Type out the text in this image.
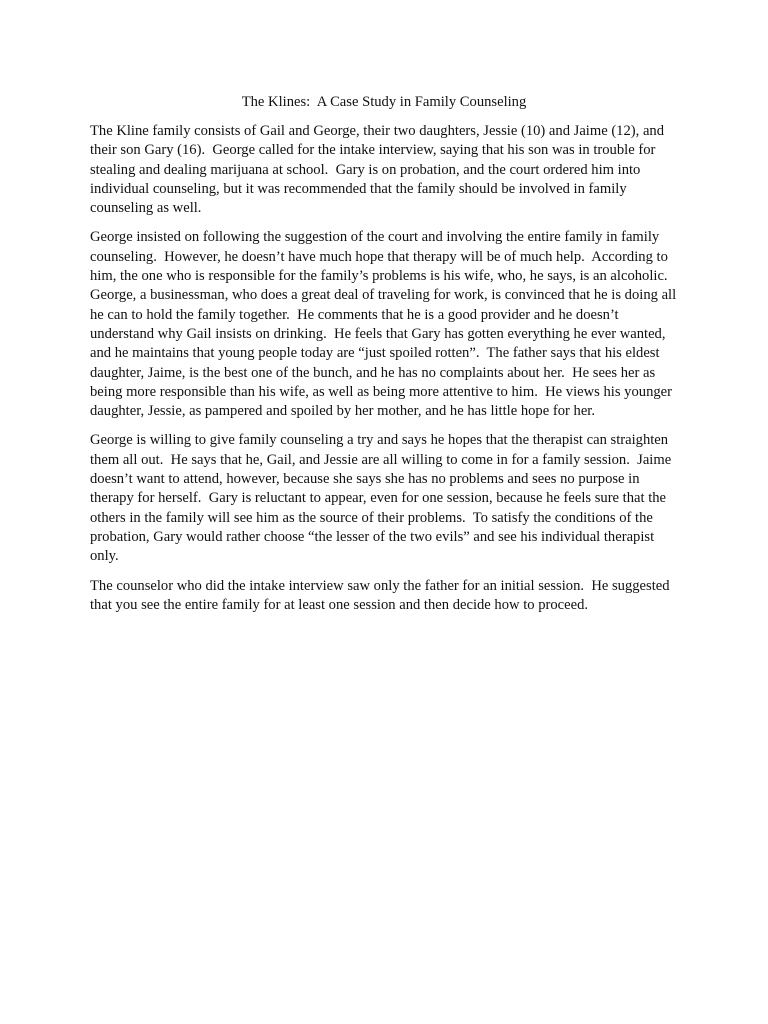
The Klines:  A Case Study in Family Counseling

The Kline family consists of Gail and George, their two daughters, Jessie (10) and Jaime (12), and their son Gary (16).  George called for the intake interview, saying that his son was in trouble for stealing and dealing marijuana at school.  Gary is on probation, and the court ordered him into individual counseling, but it was recommended that the family should be involved in family counseling as well.

George insisted on following the suggestion of the court and involving the entire family in family counseling.  However, he doesn’t have much hope that therapy will be of much help.  According to him, the one who is responsible for the family’s problems is his wife, who, he says, is an alcoholic.  George, a businessman, who does a great deal of traveling for work, is convinced that he is doing all he can to hold the family together.  He comments that he is a good provider and he doesn’t understand why Gail insists on drinking.  He feels that Gary has gotten everything he ever wanted, and he maintains that young people today are “just spoiled rotten”.  The father says that his eldest daughter, Jaime, is the best one of the bunch, and he has no complaints about her.  He sees her as being more responsible than his wife, as well as being more attentive to him.  He views his younger daughter, Jessie, as pampered and spoiled by her mother, and he has little hope for her.

George is willing to give family counseling a try and says he hopes that the therapist can straighten them all out.  He says that he, Gail, and Jessie are all willing to come in for a family session.  Jaime doesn’t want to attend, however, because she says she has no problems and sees no purpose in therapy for herself.  Gary is reluctant to appear, even for one session, because he feels sure that the others in the family will see him as the source of their problems.  To satisfy the conditions of the probation, Gary would rather choose “the lesser of the two evils” and see his individual therapist only.

The counselor who did the intake interview saw only the father for an initial session.  He suggested that you see the entire family for at least one session and then decide how to proceed.
